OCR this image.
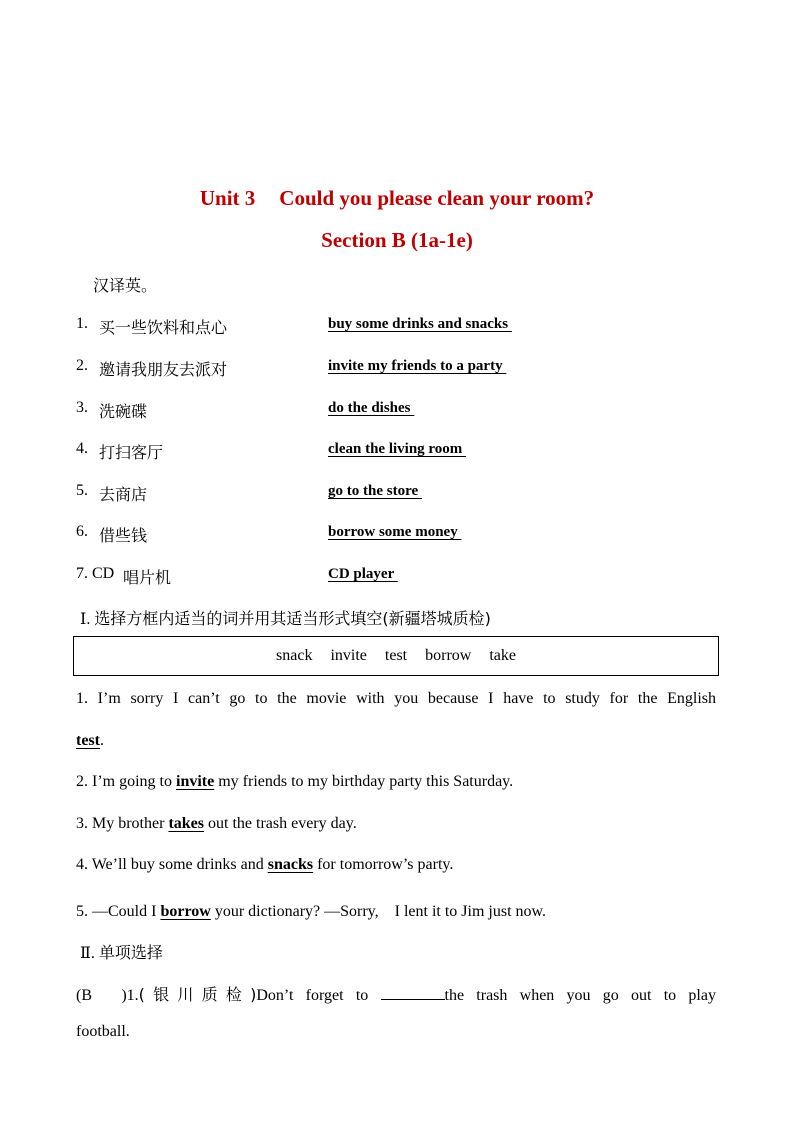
Unit 3 Could you please clean your room?
Section B (1a-1e)
汉译英。
1. 买一些饮料和点心	buy some drinks and snacks
2. 邀请我朋友去派对	invite my friends to a party
3. 洗碗碟	do the dishes
4. 打扫客厅	clean the living room
5. 去商店	go to the store
6. 借些钱	borrow some money
7. CD 唱片机	CD player
Ⅰ. 选择方框内适当的词并用其适当形式填空(新疆塔城质检)
snack invite test borrow take
1. I’m sorry I can’t go to the movie with you because I have to study for the English
test.
2. I’m going to invite my friends to my birthday party this Saturday.
3. My brother takes out the trash every day.
4. We’ll buy some drinks and snacks for tomorrow’s party.
5. —Could I borrow your dictionary? —Sorry,　I lent it to Jim just now.
Ⅱ. 单项选择
(B )1.(银川质检)Don’t forget to	the trash when you go out to play
football.
